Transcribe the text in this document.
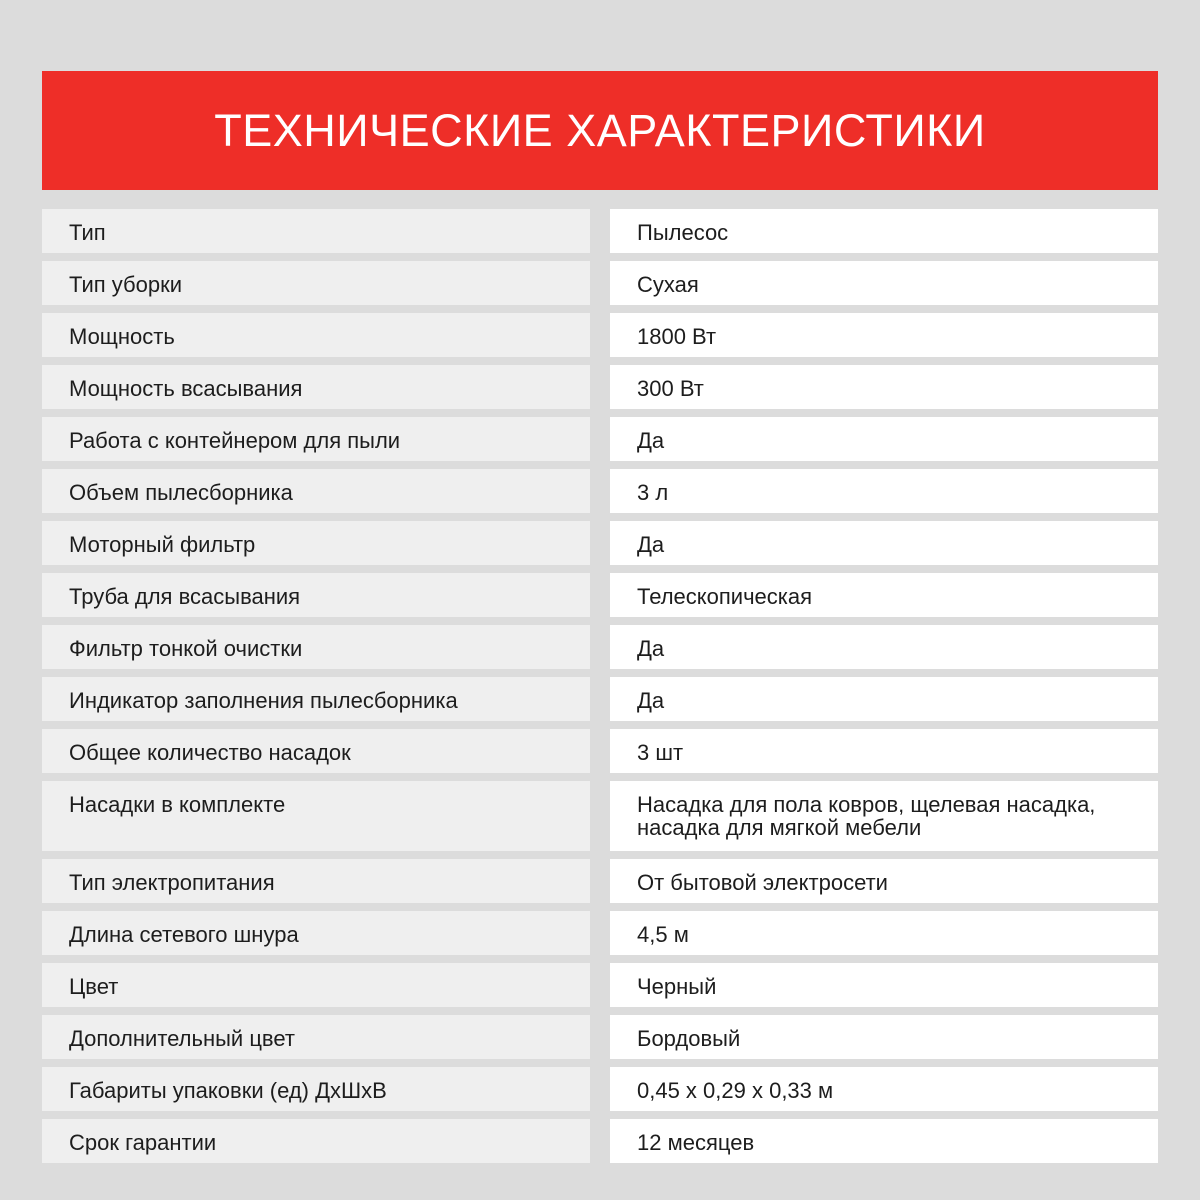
ТЕХНИЧЕСКИЕ ХАРАКТЕРИСТИКИ
Тип	Пылесос
Тип уборки	Сухая
Мощность	1800 Вт
Мощность всасывания	300 Вт
Работа с контейнером для пыли	Да
Объем пылесборника	3 л
Моторный фильтр	Да
Труба для всасывания	Телескопическая
Фильтр тонкой очистки	Да
Индикатор заполнения пылесборника	Да
Общее количество насадок	3 шт
Насадки в комплекте	Насадка для пола ковров, щелевая насадка,
насадка для мягкой мебели
Тип электропитания	От бытовой электросети
Длина сетевого шнура	4,5 м
Цвет	Черный
Дополнительный цвет	Бордовый
Габариты упаковки (ед) ДхШхВ	0,45 x 0,29 x 0,33 м
Срок гарантии	12 месяцев
